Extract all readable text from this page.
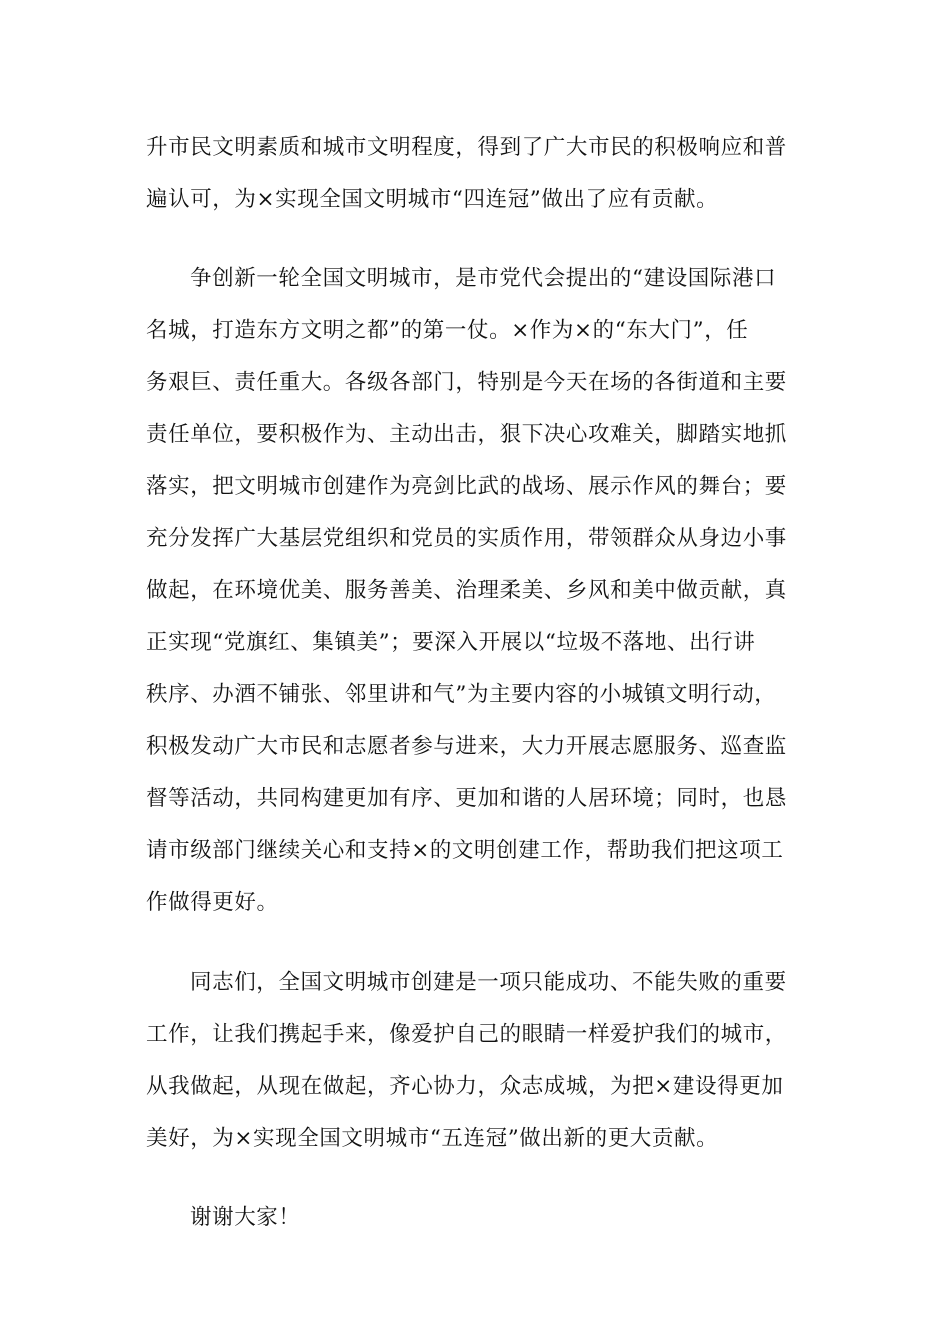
升市民文明素质和城市文明程度，得到了广大市民的积极响应和普
遍认可，为×实现全国文明城市“四连冠”做出了应有贡献。
争创新一轮全国文明城市，是市党代会提出的“建设国际港口
名城，打造东方文明之都”的第一仗。×作为×的“东大门”，任
务艰巨、责任重大。各级各部门，特别是今天在场的各街道和主要
责任单位，要积极作为、主动出击，狠下决心攻难关，脚踏实地抓
落实，把文明城市创建作为亮剑比武的战场、展示作风的舞台；要
充分发挥广大基层党组织和党员的实质作用，带领群众从身边小事
做起，在环境优美、服务善美、治理柔美、乡风和美中做贡献，真
正实现“党旗红、集镇美”；要深入开展以“垃圾不落地、出行讲
秩序、办酒不铺张、邻里讲和气”为主要内容的小城镇文明行动，
积极发动广大市民和志愿者参与进来，大力开展志愿服务、巡查监
督等活动，共同构建更加有序、更加和谐的人居环境；同时，也恳
请市级部门继续关心和支持×的文明创建工作，帮助我们把这项工
作做得更好。
同志们，全国文明城市创建是一项只能成功、不能失败的重要
工作，让我们携起手来，像爱护自己的眼睛一样爱护我们的城市，
从我做起，从现在做起，齐心协力，众志成城，为把×建设得更加
美好，为×实现全国文明城市“五连冠”做出新的更大贡献。
谢谢大家！
